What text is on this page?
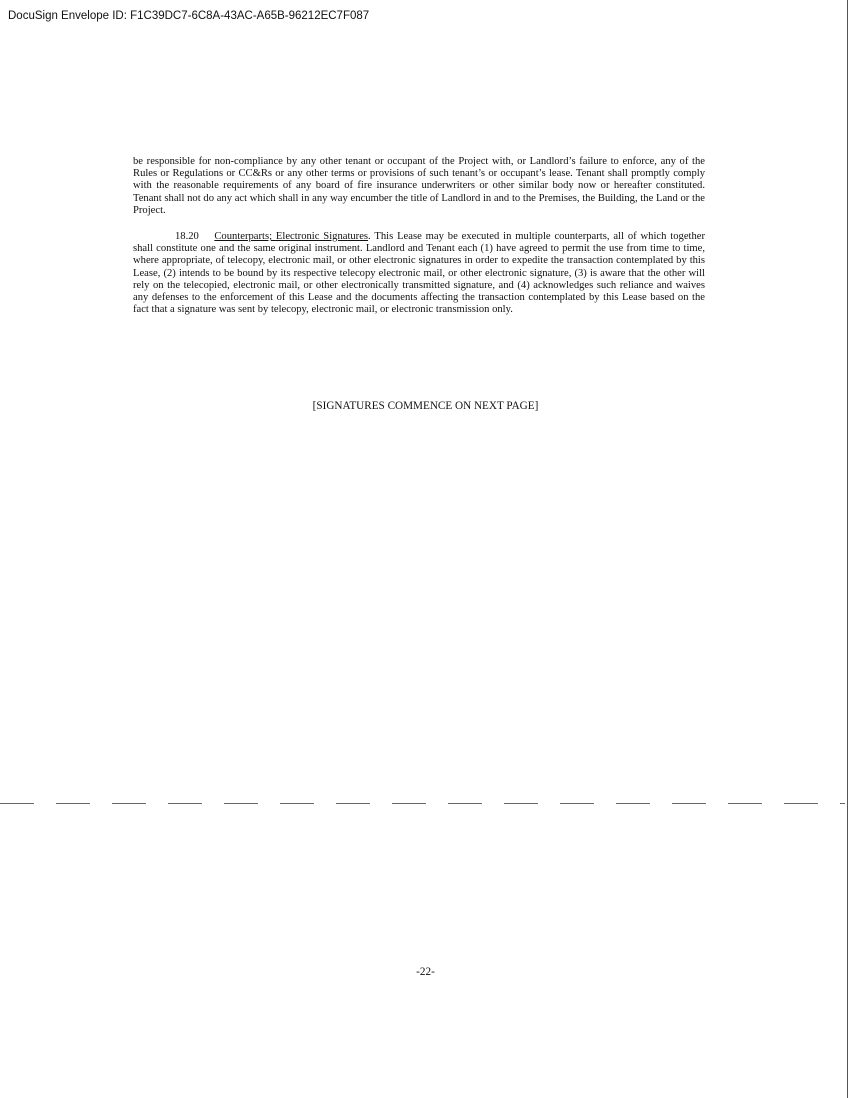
DocuSign Envelope ID: F1C39DC7-6C8A-43AC-A65B-96212EC7F087

be responsible for non-compliance by any other tenant or occupant of the Project with, or Landlord’s failure to enforce, any of the Rules or Regulations or CC&Rs or any other terms or provisions of such tenant’s or occupant’s lease. Tenant shall promptly comply with the reasonable requirements of any board of fire insurance underwriters or other similar body now or hereafter constituted. Tenant shall not do any act which shall in any way encumber the title of Landlord in and to the Premises, the Building, the Land or the Project.

18.20 Counterparts; Electronic Signatures. This Lease may be executed in multiple counterparts, all of which together shall constitute one and the same original instrument. Landlord and Tenant each (1) have agreed to permit the use from time to time, where appropriate, of telecopy, electronic mail, or other electronic signatures in order to expedite the transaction contemplated by this Lease, (2) intends to be bound by its respective telecopy electronic mail, or other electronic signature, (3) is aware that the other will rely on the telecopied, electronic mail, or other electronically transmitted signature, and (4) acknowledges such reliance and waives any defenses to the enforcement of this Lease and the documents affecting the transaction contemplated by this Lease based on the fact that a signature was sent by telecopy, electronic mail, or electronic transmission only.

[SIGNATURES COMMENCE ON NEXT PAGE]
-22-
